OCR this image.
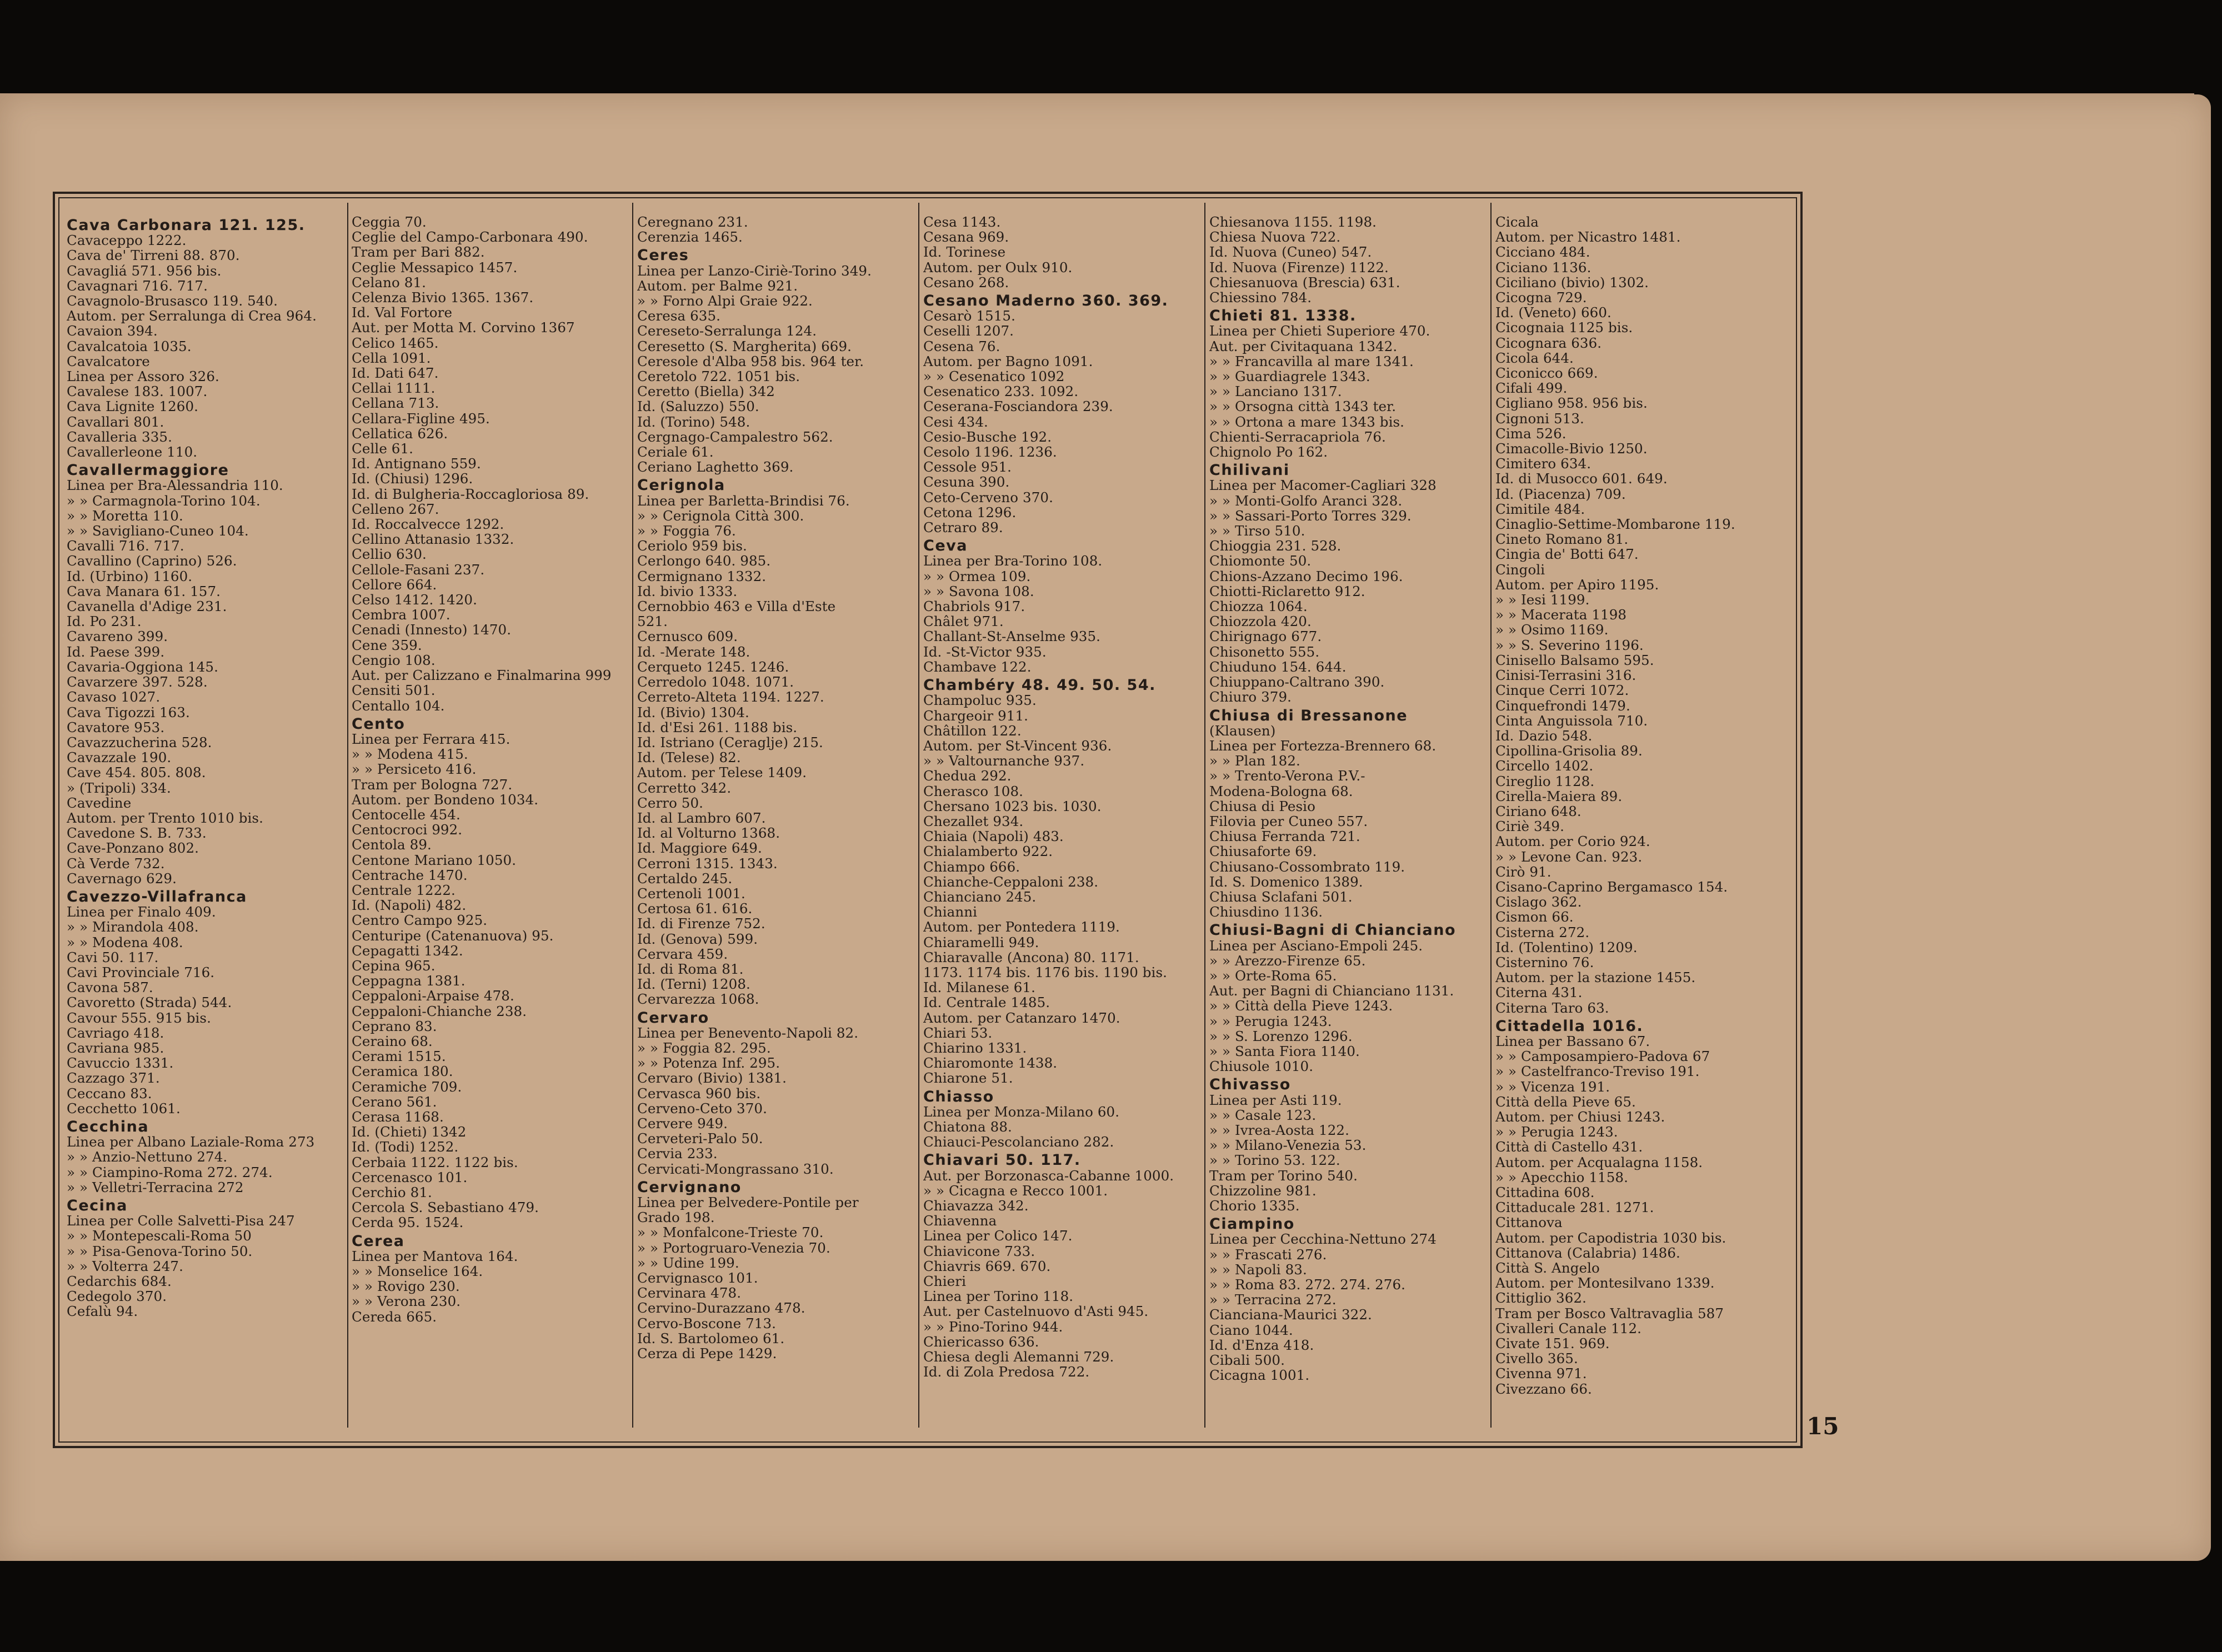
Cava Carbonara 121. 125.
Cavaceppo 1222.
Cava de' Tirreni 88. 870.
Cavagliá 571. 956 bis.
Cavagnari 716. 717.
Cavagnolo-Brusasco 119. 540.
Autom. per Serralunga di Crea 964.
Cavaion 394.
Cavalcatoia 1035.
Cavalcatore
Linea per Assoro 326.
Cavalese 183. 1007.
Cava Lignite 1260.
Cavallari 801.
Cavalleria 335.
Cavallerleone 110.
Cavallermaggiore
Linea per Bra-Alessandria 110.
» » Carmagnola-Torino 104.
» » Moretta 110.
» » Savigliano-Cuneo 104.
Cavalli 716. 717.
Cavallino (Caprino) 526.
Id. (Urbino) 1160.
Cava Manara 61. 157.
Cavanella d'Adige 231.
Id. Po 231.
Cavareno 399.
Id. Paese 399.
Cavaria-Oggiona 145.
Cavarzere 397. 528.
Cavaso 1027.
Cava Tigozzi 163.
Cavatore 953.
Cavazzucherina 528.
Cavazzale 190.
Cave 454. 805. 808.
» (Tripoli) 334.
Cavedine
Autom. per Trento 1010 bis.
Cavedone S. B. 733.
Cave-Ponzano 802.
Cà Verde 732.
Cavernago 629.
Cavezzo-Villafranca
Linea per Finalo 409.
» » Mirandola 408.
» » Modena 408.
Cavi 50. 117.
Cavi Provinciale 716.
Cavona 587.
Cavoretto (Strada) 544.
Cavour 555. 915 bis.
Cavriago 418.
Cavriana 985.
Cavuccio 1331.
Cazzago 371.
Ceccano 83.
Cecchetto 1061.
Cecchina
Linea per Albano Laziale-Roma 273
» » Anzio-Nettuno 274.
» » Ciampino-Roma 272. 274.
» » Velletri-Terracina 272
Cecina
Linea per Colle Salvetti-Pisa 247
» » Montepescali-Roma 50
» » Pisa-Genova-Torino 50.
» » Volterra 247.
Cedarchis 684.
Cedegolo 370.
Cefalù 94.
Ceggia 70.
Ceglie del Campo-Carbonara 490.
Tram per Bari 882.
Ceglie Messapico 1457.
Celano 81.
Celenza Bivio 1365. 1367.
Id. Val Fortore
Aut. per Motta M. Corvino 1367
Celico 1465.
Cella 1091.
Id. Dati 647.
Cellai 1111.
Cellana 713.
Cellara-Figline 495.
Cellatica 626.
Celle 61.
Id. Antignano 559.
Id. (Chiusi) 1296.
Id. di Bulgheria-Roccagloriosa 89.
Celleno 267.
Id. Roccalvecce 1292.
Cellino Attanasio 1332.
Cellio 630.
Cellole-Fasani 237.
Cellore 664.
Celso 1412. 1420.
Cembra 1007.
Cenadi (Innesto) 1470.
Cene 359.
Cengio 108.
Aut. per Calizzano e Finalmarina 999
Censiti 501.
Centallo 104.
Cento
Linea per Ferrara 415.
» » Modena 415.
» » Persiceto 416.
Tram per Bologna 727.
Autom. per Bondeno 1034.
Centocelle 454.
Centocroci 992.
Centola 89.
Centone Mariano 1050.
Centrache 1470.
Centrale 1222.
Id. (Napoli) 482.
Centro Campo 925.
Centuripe (Catenanuova) 95.
Cepagatti 1342.
Cepina 965.
Ceppagna 1381.
Ceppaloni-Arpaise 478.
Ceppaloni-Chianche 238.
Ceprano 83.
Ceraino 68.
Cerami 1515.
Ceramica 180.
Ceramiche 709.
Cerano 561.
Cerasa 1168.
Id. (Chieti) 1342
Id. (Todi) 1252.
Cerbaia 1122. 1122 bis.
Cercenasco 101.
Cerchio 81.
Cercola S. Sebastiano 479.
Cerda 95. 1524.
Cerea
Linea per Mantova 164.
» » Monselice 164.
» » Rovigo 230.
» » Verona 230.
Cereda 665.
Ceregnano 231.
Cerenzia 1465.
Ceres
Linea per Lanzo-Ciriè-Torino 349.
Autom. per Balme 921.
» » Forno Alpi Graie 922.
Ceresa 635.
Cereseto-Serralunga 124.
Ceresetto (S. Margherita) 669.
Ceresole d'Alba 958 bis. 964 ter.
Ceretolo 722. 1051 bis.
Ceretto (Biella) 342
Id. (Saluzzo) 550.
Id. (Torino) 548.
Cergnago-Campalestro 562.
Ceriale 61.
Ceriano Laghetto 369.
Cerignola
Linea per Barletta-Brindisi 76.
» » Cerignola Città 300.
» » Foggia 76.
Ceriolo 959 bis.
Cerlongo 640. 985.
Cermignano 1332.
Id. bivio 1333.
Cernobbio 463 e Villa d'Este
521.
Cernusco 609.
Id. -Merate 148.
Cerqueto 1245. 1246.
Cerredolo 1048. 1071.
Cerreto-Alteta 1194. 1227.
Id. (Bivio) 1304.
Id. d'Esi 261. 1188 bis.
Id. Istriano (Ceraglje) 215.
Id. (Telese) 82.
Autom. per Telese 1409.
Cerretto 342.
Cerro 50.
Id. al Lambro 607.
Id. al Volturno 1368.
Id. Maggiore 649.
Cerroni 1315. 1343.
Certaldo 245.
Certenoli 1001.
Certosa 61. 616.
Id. di Firenze 752.
Id. (Genova) 599.
Cervara 459.
Id. di Roma 81.
Id. (Terni) 1208.
Cervarezza 1068.
Cervaro
Linea per Benevento-Napoli 82.
» » Foggia 82. 295.
» » Potenza Inf. 295.
Cervaro (Bivio) 1381.
Cervasca 960 bis.
Cerveno-Ceto 370.
Cervere 949.
Cerveteri-Palo 50.
Cervia 233.
Cervicati-Mongrassano 310.
Cervignano
Linea per Belvedere-Pontile per
Grado 198.
» » Monfalcone-Trieste 70.
» » Portogruaro-Venezia 70.
» » Udine 199.
Cervignasco 101.
Cervinara 478.
Cervino-Durazzano 478.
Cervo-Boscone 713.
Id. S. Bartolomeo 61.
Cerza di Pepe 1429.
Cesa 1143.
Cesana 969.
Id. Torinese
Autom. per Oulx 910.
Cesano 268.
Cesano Maderno 360. 369.
Cesarò 1515.
Ceselli 1207.
Cesena 76.
Autom. per Bagno 1091.
» » Cesenatico 1092
Cesenatico 233. 1092.
Ceserana-Fosciandora 239.
Cesi 434.
Cesio-Busche 192.
Cesolo 1196. 1236.
Cessole 951.
Cesuna 390.
Ceto-Cerveno 370.
Cetona 1296.
Cetraro 89.
Ceva
Linea per Bra-Torino 108.
» » Ormea 109.
» » Savona 108.
Chabriols 917.
Châlet 971.
Challant-St-Anselme 935.
Id. -St-Victor 935.
Chambave 122.
Chambéry 48. 49. 50. 54.
Champoluc 935.
Chargeoir 911.
Châtillon 122.
Autom. per St-Vincent 936.
» » Valtournanche 937.
Chedua 292.
Cherasco 108.
Chersano 1023 bis. 1030.
Chezallet 934.
Chiaia (Napoli) 483.
Chialamberto 922.
Chiampo 666.
Chianche-Ceppaloni 238.
Chianciano 245.
Chianni
Autom. per Pontedera 1119.
Chiaramelli 949.
Chiaravalle (Ancona) 80. 1171.
1173. 1174 bis. 1176 bis. 1190 bis.
Id. Milanese 61.
Id. Centrale 1485.
Autom. per Catanzaro 1470.
Chiari 53.
Chiarino 1331.
Chiaromonte 1438.
Chiarone 51.
Chiasso
Linea per Monza-Milano 60.
Chiatona 88.
Chiauci-Pescolanciano 282.
Chiavari 50. 117.
Aut. per Borzonasca-Cabanne 1000.
» » Cicagna e Recco 1001.
Chiavazza 342.
Chiavenna
Linea per Colico 147.
Chiavicone 733.
Chiavris 669. 670.
Chieri
Linea per Torino 118.
Aut. per Castelnuovo d'Asti 945.
» » Pino-Torino 944.
Chiericasso 636.
Chiesa degli Alemanni 729.
Id. di Zola Predosa 722.
Chiesanova 1155. 1198.
Chiesa Nuova 722.
Id. Nuova (Cuneo) 547.
Id. Nuova (Firenze) 1122.
Chiesanuova (Brescia) 631.
Chiessino 784.
Chieti 81. 1338.
Linea per Chieti Superiore 470.
Aut. per Civitaquana 1342.
» » Francavilla al mare 1341.
» » Guardiagrele 1343.
» » Lanciano 1317.
» » Orsogna città 1343 ter.
» » Ortona a mare 1343 bis.
Chienti-Serracapriola 76.
Chignolo Po 162.
Chilivani
Linea per Macomer-Cagliari 328
» » Monti-Golfo Aranci 328.
» » Sassari-Porto Torres 329.
» » Tirso 510.
Chioggia 231. 528.
Chiomonte 50.
Chions-Azzano Decimo 196.
Chiotti-Riclaretto 912.
Chiozza 1064.
Chiozzola 420.
Chirignago 677.
Chisonetto 555.
Chiuduno 154. 644.
Chiuppano-Caltrano 390.
Chiuro 379.
Chiusa di Bressanone
(Klausen)
Linea per Fortezza-Brennero 68.
» » Plan 182.
» » Trento-Verona P.V.-
Modena-Bologna 68.
Chiusa di Pesio
Filovia per Cuneo 557.
Chiusa Ferranda 721.
Chiusaforte 69.
Chiusano-Cossombrato 119.
Id. S. Domenico 1389.
Chiusa Sclafani 501.
Chiusdino 1136.
Chiusi-Bagni di Chianciano
Linea per Asciano-Empoli 245.
» » Arezzo-Firenze 65.
» » Orte-Roma 65.
Aut. per Bagni di Chianciano 1131.
» » Città della Pieve 1243.
» » Perugia 1243.
» » S. Lorenzo 1296.
» » Santa Fiora 1140.
Chiusole 1010.
Chivasso
Linea per Asti 119.
» » Casale 123.
» » Ivrea-Aosta 122.
» » Milano-Venezia 53.
» » Torino 53. 122.
Tram per Torino 540.
Chizzoline 981.
Chorio 1335.
Ciampino
Linea per Cecchina-Nettuno 274
» » Frascati 276.
» » Napoli 83.
» » Roma 83. 272. 274. 276.
» » Terracina 272.
Cianciana-Maurici 322.
Ciano 1044.
Id. d'Enza 418.
Cibali 500.
Cicagna 1001.
Cicala
Autom. per Nicastro 1481.
Cicciano 484.
Ciciano 1136.
Ciciliano (bivio) 1302.
Cicogna 729.
Id. (Veneto) 660.
Cicognaia 1125 bis.
Cicognara 636.
Cicola 644.
Ciconicco 669.
Cifali 499.
Cigliano 958. 956 bis.
Cignoni 513.
Cima 526.
Cimacolle-Bivio 1250.
Cimitero 634.
Id. di Musocco 601. 649.
Id. (Piacenza) 709.
Cimitile 484.
Cinaglio-Settime-Mombarone 119.
Cineto Romano 81.
Cingia de' Botti 647.
Cingoli
Autom. per Apiro 1195.
» » Iesi 1199.
» » Macerata 1198
» » Osimo 1169.
» » S. Severino 1196.
Cinisello Balsamo 595.
Cinisi-Terrasini 316.
Cinque Cerri 1072.
Cinquefrondi 1479.
Cinta Anguissola 710.
Id. Dazio 548.
Cipollina-Grisolia 89.
Circello 1402.
Cireglio 1128.
Cirella-Maiera 89.
Ciriano 648.
Ciriè 349.
Autom. per Corio 924.
» » Levone Can. 923.
Cirò 91.
Cisano-Caprino Bergamasco 154.
Cislago 362.
Cismon 66.
Cisterna 272.
Id. (Tolentino) 1209.
Cisternino 76.
Autom. per la stazione 1455.
Citerna 431.
Citerna Taro 63.
Cittadella 1016.
Linea per Bassano 67.
» » Camposampiero-Padova 67
» » Castelfranco-Treviso 191.
» » Vicenza 191.
Città della Pieve 65.
Autom. per Chiusi 1243.
» » Perugia 1243.
Città di Castello 431.
Autom. per Acqualagna 1158.
» » Apecchio 1158.
Cittadina 608.
Cittaducale 281. 1271.
Cittanova
Autom. per Capodistria 1030 bis.
Cittanova (Calabria) 1486.
Città S. Angelo
Autom. per Montesilvano 1339.
Cittiglio 362.
Tram per Bosco Valtravaglia 587
Civalleri Canale 112.
Civate 151. 969.
Civello 365.
Civenna 971.
Civezzano 66.
15
